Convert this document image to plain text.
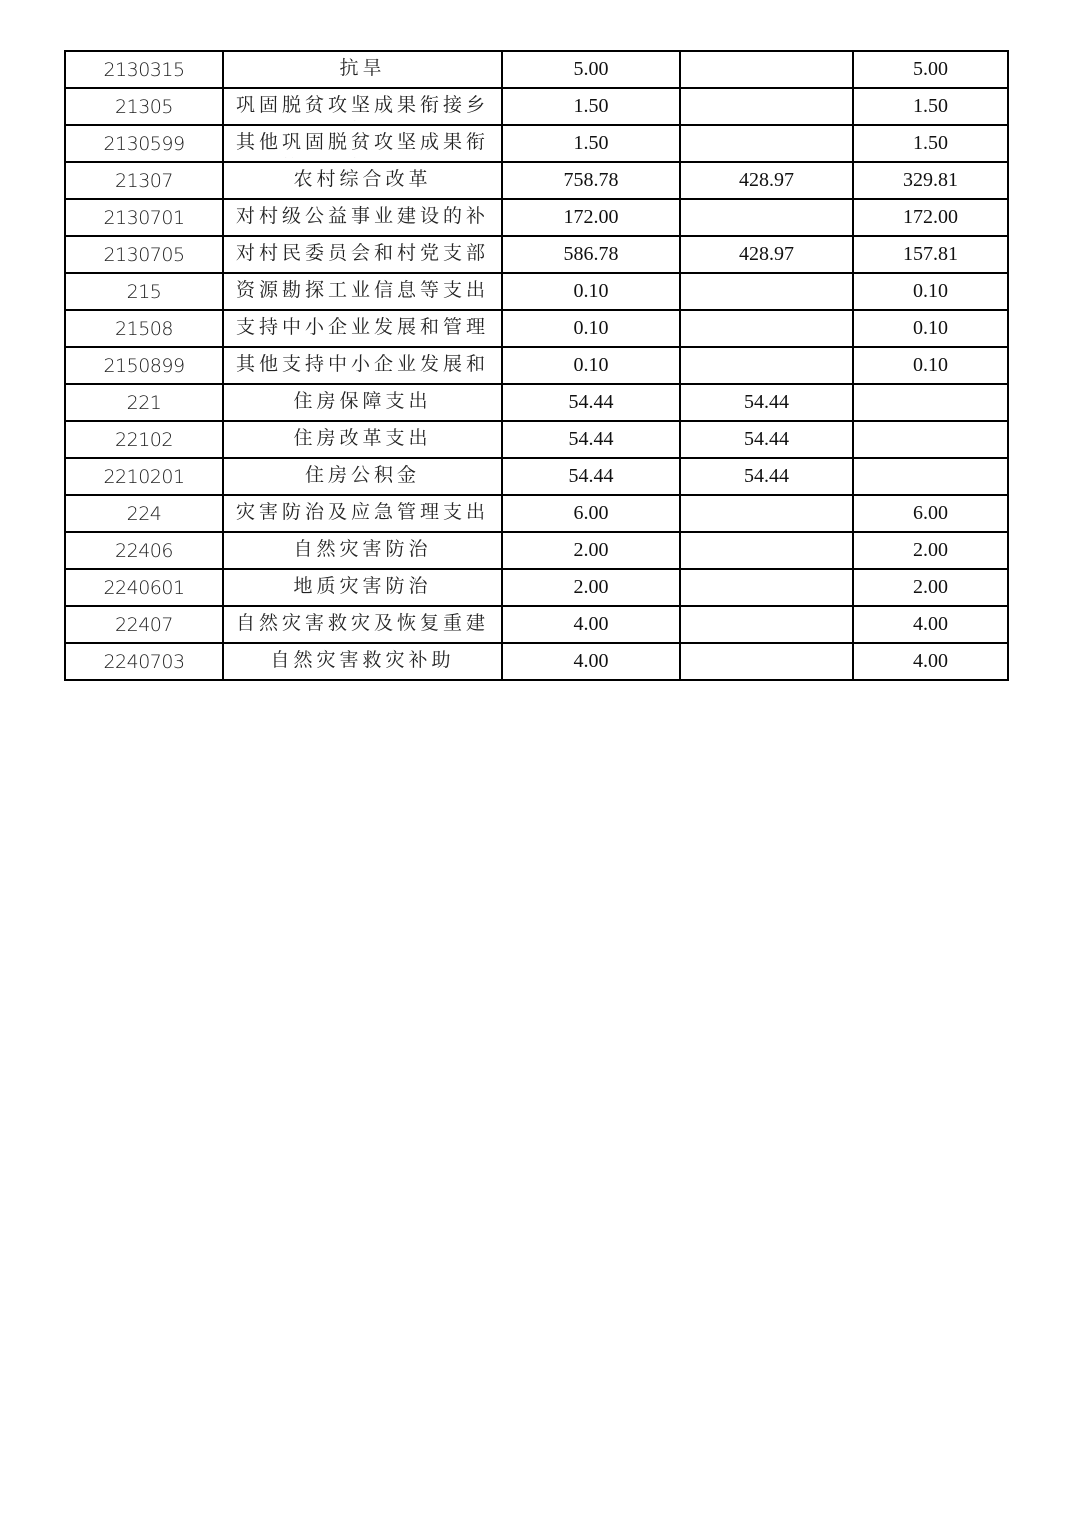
2130315	抗旱	5.00		5.00
21305	巩固脱贫攻坚成果衔接乡	1.50		1.50
2130599	其他巩固脱贫攻坚成果衔	1.50		1.50
21307	农村综合改革	758.78	428.97	329.81
2130701	对村级公益事业建设的补	172.00		172.00
2130705	对村民委员会和村党支部	586.78	428.97	157.81
215	资源勘探工业信息等支出	0.10		0.10
21508	支持中小企业发展和管理	0.10		0.10
2150899	其他支持中小企业发展和	0.10		0.10
221	住房保障支出	54.44	54.44	
22102	住房改革支出	54.44	54.44	
2210201	住房公积金	54.44	54.44	
224	灾害防治及应急管理支出	6.00		6.00
22406	自然灾害防治	2.00		2.00
2240601	地质灾害防治	2.00		2.00
22407	自然灾害救灾及恢复重建	4.00		4.00
2240703	自然灾害救灾补助	4.00		4.00
